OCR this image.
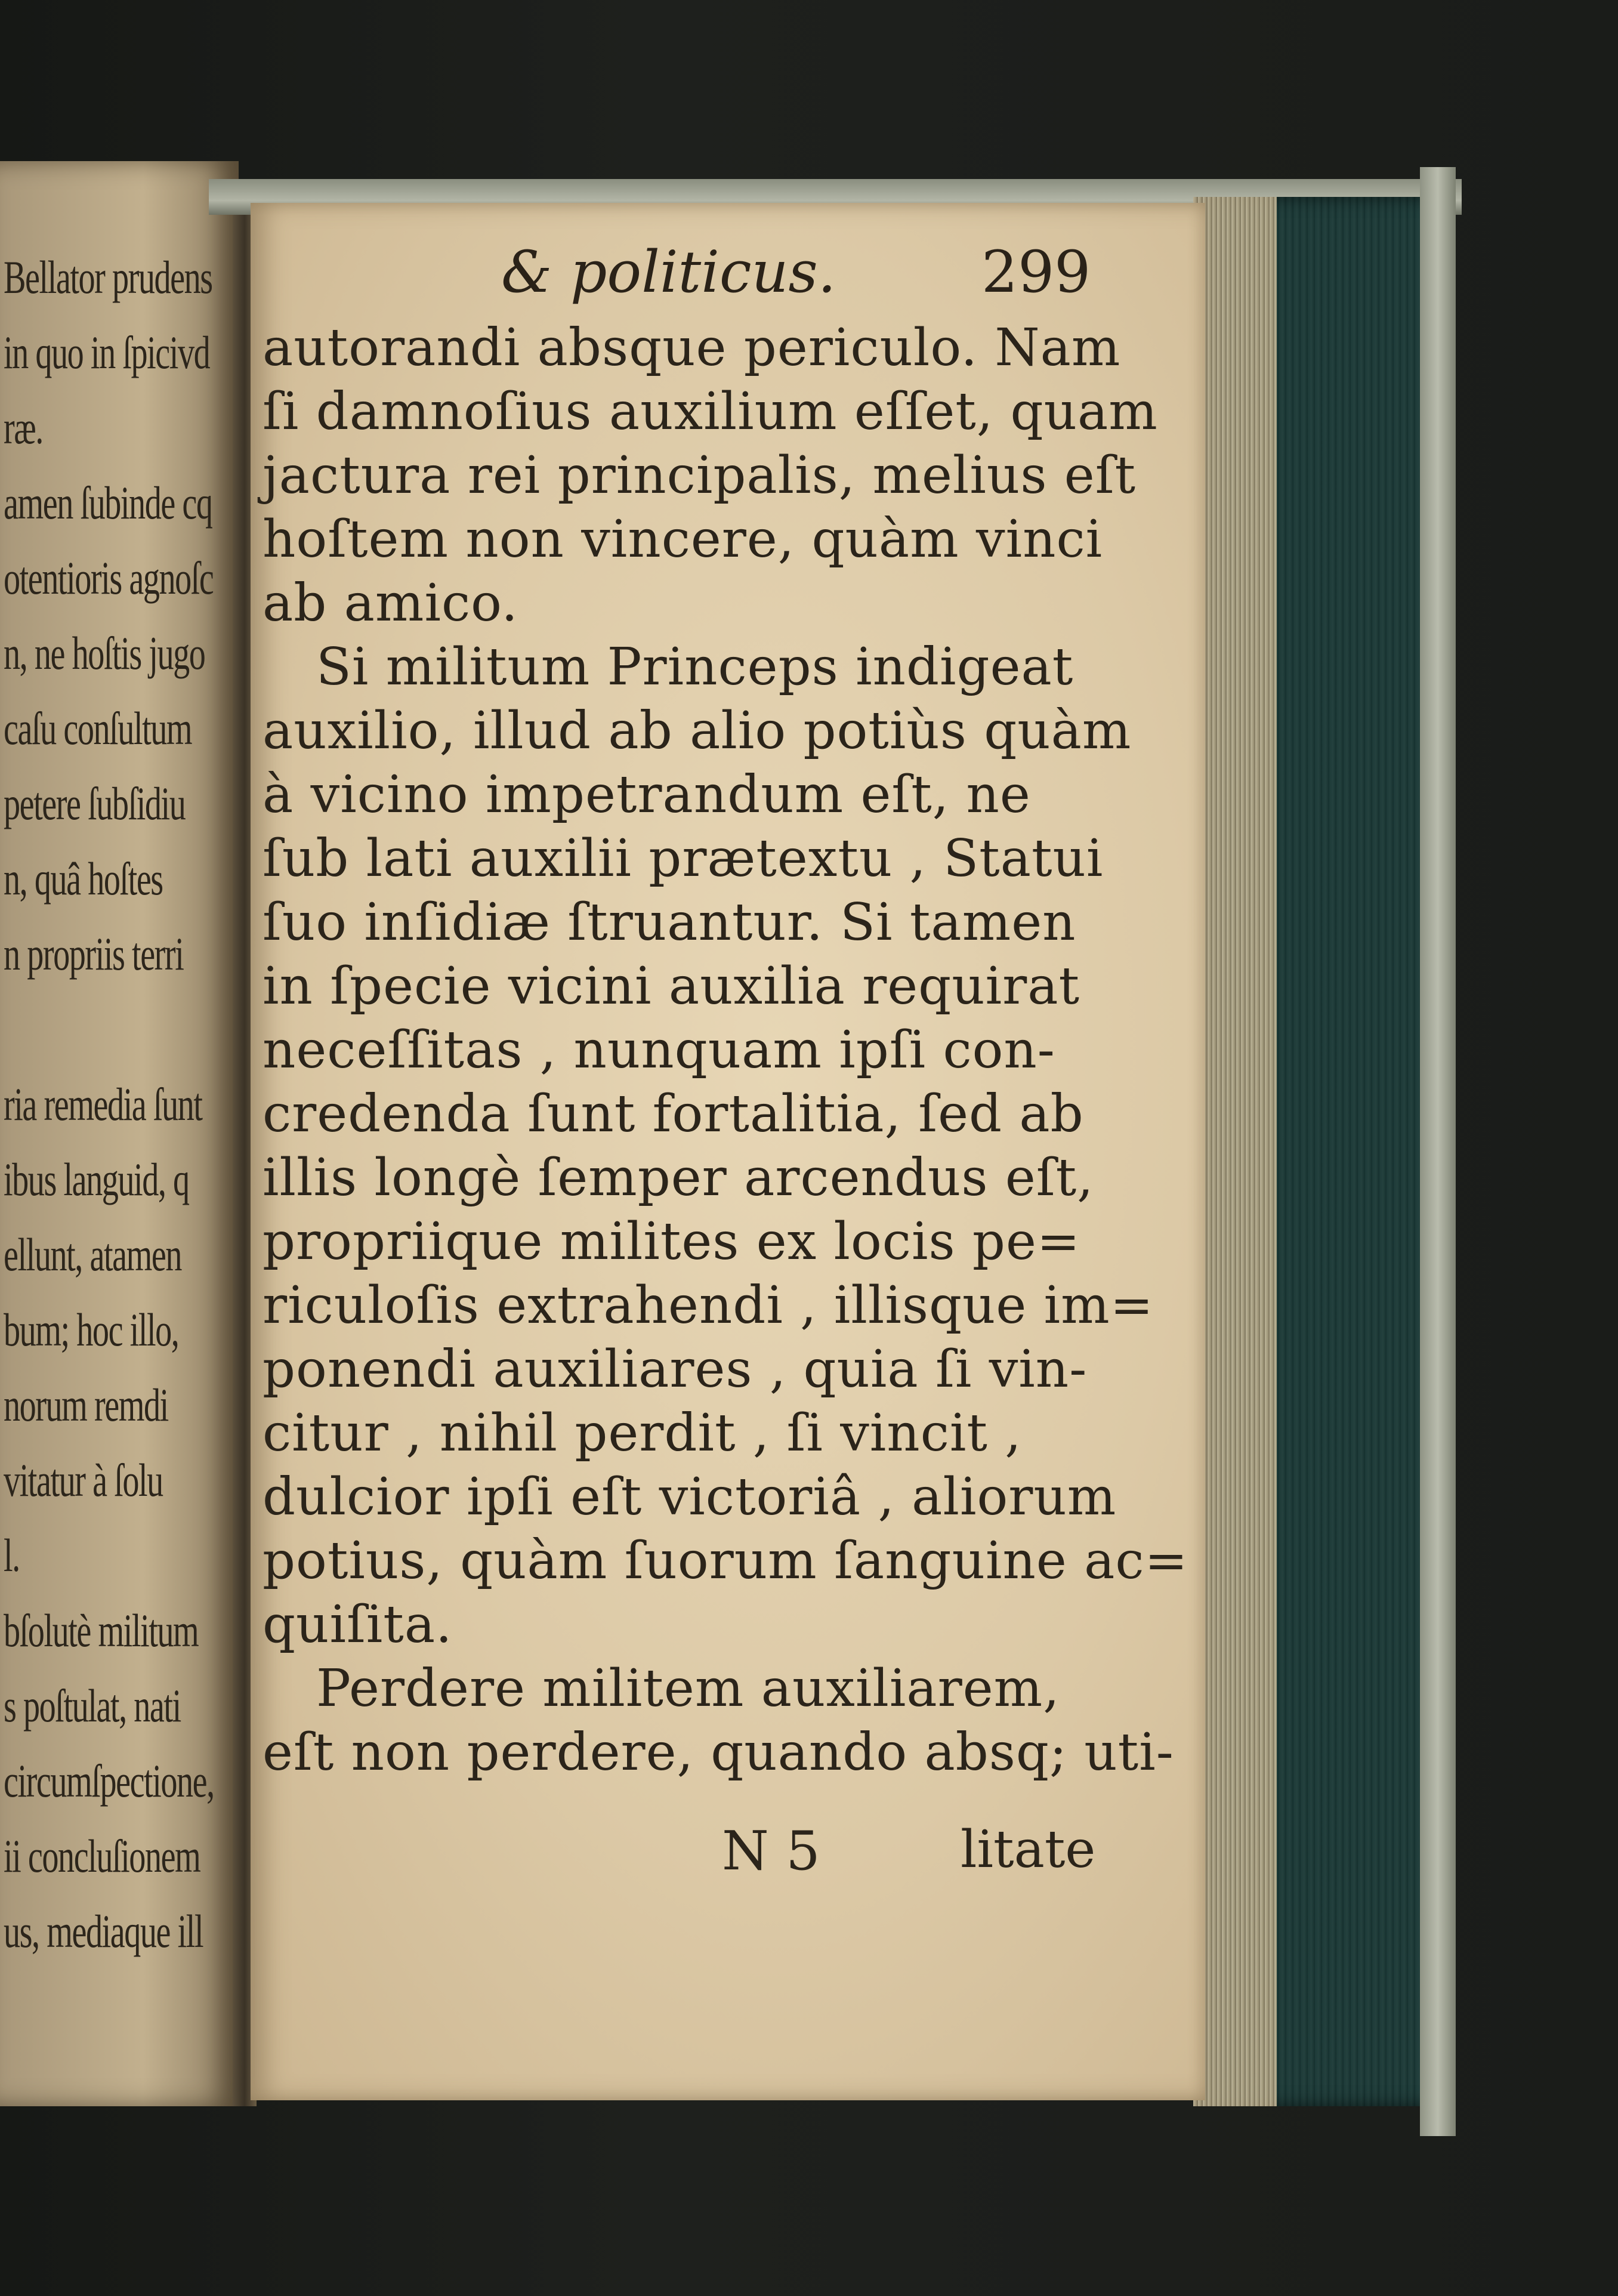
Bellator prudens
in quo in ſpicivd
ræ.
amen ſubinde cq
otentioris agnoſc
n, ne hoſtis jugo
caſu conſultum
petere ſubſidiu
n, quâ hoſtes
n propriis terri
ria remedia ſunt
ibus languid, q
ellunt, atamen
bum; hoc illo,
norum remdi
vitatur à ſolu
l.
bſolutè militum
s poſtulat, nati
circumſpectione,
ii concluſionem
us, mediaque ill
& politicus.	299
autorandi absque periculo. Nam
ſi damnoſius auxilium eſſet, quam
jactura rei principalis, melius eſt
hoſtem non vincere, quàm vinci
ab amico.
Si militum Princeps indigeat
auxilio, illud ab alio potiùs quàm
à vicino impetrandum eſt, ne
ſub lati auxilii prætextu , Statui
ſuo inſidiæ ſtruantur. Si tamen
in ſpecie vicini auxilia requirat
neceſſitas , nunquam ipſi con-
credenda ſunt fortalitia, ſed ab
illis longè ſemper arcendus eſt,
propriique milites ex locis pe=
riculoſis extrahendi , illisque im=
ponendi auxiliares , quia ſi vin-
citur , nihil perdit , ſi vincit ,
dulcior ipſi eſt victoriâ , aliorum
potius, quàm ſuorum ſanguine ac=
quiſita.
Perdere militem auxiliarem,
eſt non perdere, quando absq; uti-
N 5	litate
